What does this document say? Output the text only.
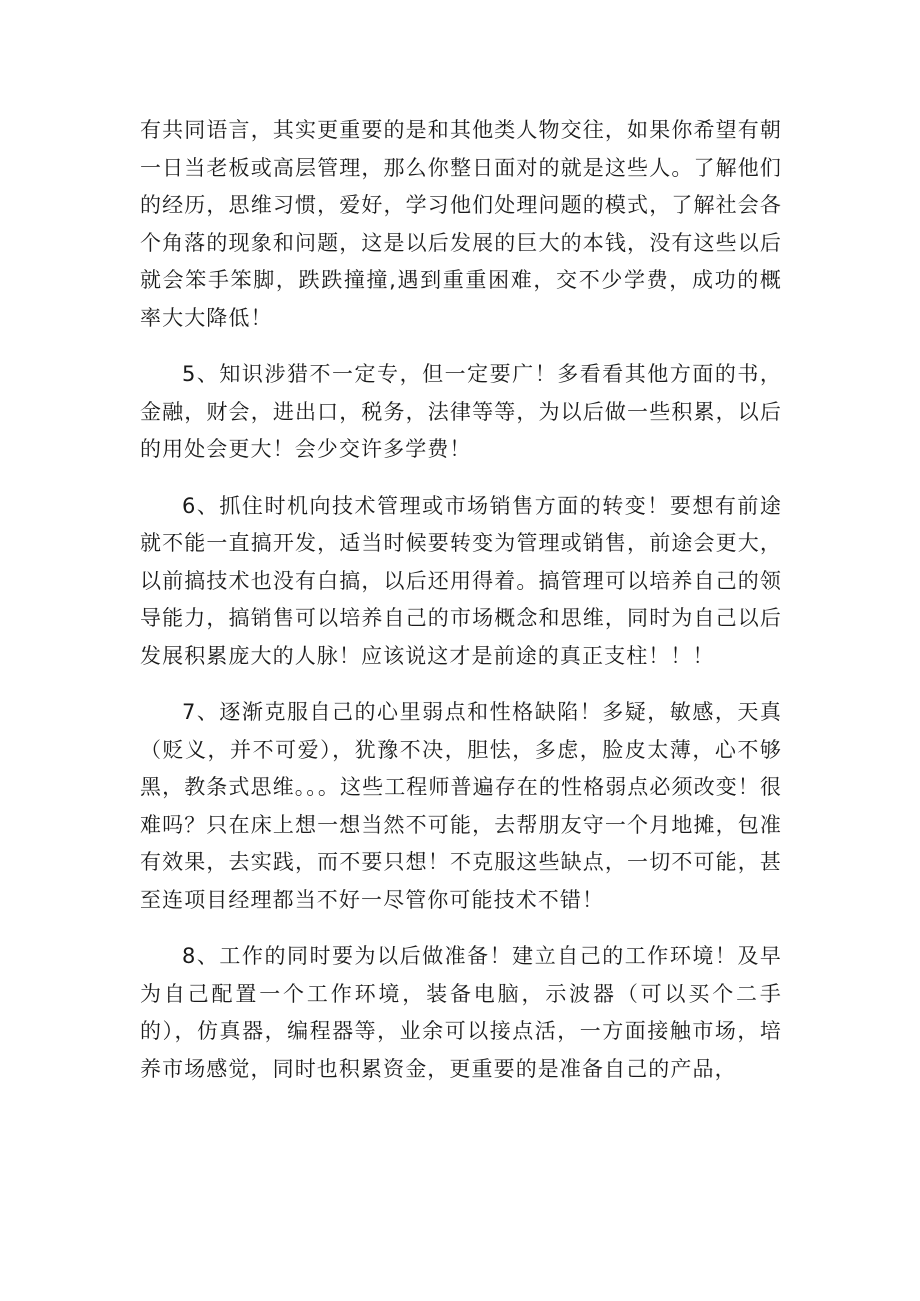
有共同语言，其实更重要的是和其他类人物交往，如果你希望有朝一日当老板或高层管理，那么你整日面对的就是这些人。了解他们的经历，思维习惯，爱好，学习他们处理问题的模式，了解社会各个角落的现象和问题，这是以后发展的巨大的本钱，没有这些以后就会笨手笨脚，跌跌撞撞,遇到重重困难，交不少学费，成功的概率大大降低！

5、知识涉猎不一定专，但一定要广！多看看其他方面的书，金融，财会，进出口，税务，法律等等，为以后做一些积累，以后的用处会更大！会少交许多学费！

6、抓住时机向技术管理或市场销售方面的转变！要想有前途就不能一直搞开发，适当时候要转变为管理或销售，前途会更大，以前搞技术也没有白搞，以后还用得着。搞管理可以培养自己的领导能力，搞销售可以培养自己的市场概念和思维，同时为自己以后发展积累庞大的人脉！应该说这才是前途的真正支柱！！！

7、逐渐克服自己的心里弱点和性格缺陷！多疑，敏感，天真（贬义，并不可爱），犹豫不决，胆怯，多虑，脸皮太薄，心不够黑，教条式思维。。。这些工程师普遍存在的性格弱点必须改变！很难吗？只在床上想一想当然不可能，去帮朋友守一个月地摊，包准有效果，去实践，而不要只想！不克服这些缺点，一切不可能，甚至连项目经理都当不好一尽管你可能技术不错！

8、工作的同时要为以后做准备！建立自己的工作环境！及早为自己配置一个工作环境，装备电脑，示波器（可以买个二手的），仿真器，编程器等，业余可以接点活，一方面接触市场，培养市场感觉，同时也积累资金，更重要的是准备自己的产品，
